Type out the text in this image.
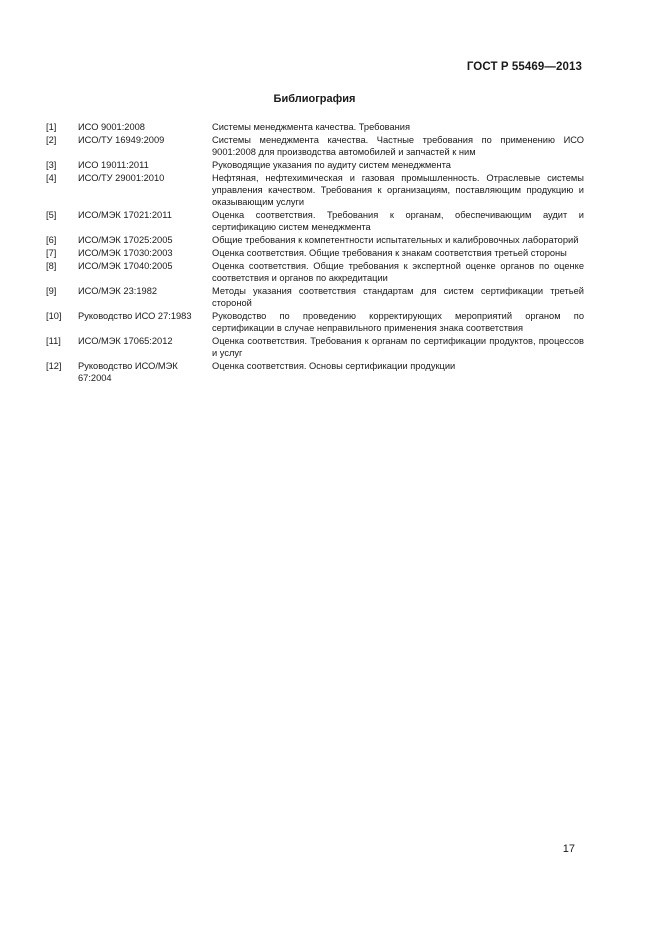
ГОСТ Р 55469—2013
Библиография
[1]	ИСО 9001:2008	Системы менеджмента качества. Требования
[2]	ИСО/ТУ 16949:2009	Системы менеджмента качества. Частные требования по применению ИСО 9001:2008 для производства автомобилей и запчастей к ним
[3]	ИСО 19011:2011	Руководящие указания по аудиту систем менеджмента
[4]	ИСО/ТУ 29001:2010	Нефтяная, нефтехимическая и газовая промышленность. Отраслевые системы управления качеством. Требования к организациям, поставляющим продукцию и оказывающим услуги
[5]	ИСО/МЭК 17021:2011	Оценка соответствия. Требования к органам, обеспечивающим аудит и сертификацию систем менеджмента
[6]	ИСО/МЭК 17025:2005	Общие требования к компетентности испытательных и калибровочных лабораторий
[7]	ИСО/МЭК 17030:2003	Оценка соответствия. Общие требования к знакам соответствия третьей стороны
[8]	ИСО/МЭК 17040:2005	Оценка соответствия. Общие требования к экспертной оценке органов по оценке соответствия и органов по аккредитации
[9]	ИСО/МЭК 23:1982	Методы указания соответствия стандартам для систем сертификации третьей стороной
[10]	Руководство ИСО 27:1983	Руководство по проведению корректирующих мероприятий органом по сертификации в случае неправильного применения знака соответствия
[11]	ИСО/МЭК 17065:2012	Оценка соответствия. Требования к органам по сертификации продуктов, процессов и услуг
[12]	Руководство ИСО/МЭК 67:2004	Оценка соответствия. Основы сертификации продукции
17
